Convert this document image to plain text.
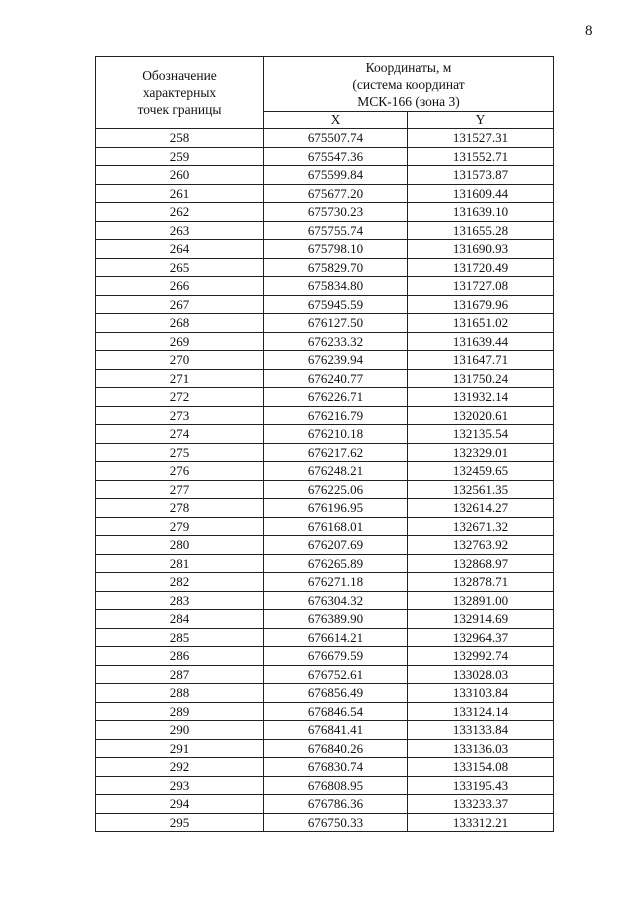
8
Обозначение
характерных
точек границы	Координаты, м
(система координат
МСК-166 (зона 3)	

	X	Y
258	675507.74	131527.31
259	675547.36	131552.71
260	675599.84	131573.87
261	675677.20	131609.44
262	675730.23	131639.10
263	675755.74	131655.28
264	675798.10	131690.93
265	675829.70	131720.49
266	675834.80	131727.08
267	675945.59	131679.96
268	676127.50	131651.02
269	676233.32	131639.44
270	676239.94	131647.71
271	676240.77	131750.24
272	676226.71	131932.14
273	676216.79	132020.61
274	676210.18	132135.54
275	676217.62	132329.01
276	676248.21	132459.65
277	676225.06	132561.35
278	676196.95	132614.27
279	676168.01	132671.32
280	676207.69	132763.92
281	676265.89	132868.97
282	676271.18	132878.71
283	676304.32	132891.00
284	676389.90	132914.69
285	676614.21	132964.37
286	676679.59	132992.74
287	676752.61	133028.03
288	676856.49	133103.84
289	676846.54	133124.14
290	676841.41	133133.84
291	676840.26	133136.03
292	676830.74	133154.08
293	676808.95	133195.43
294	676786.36	133233.37
295	676750.33	133312.21
